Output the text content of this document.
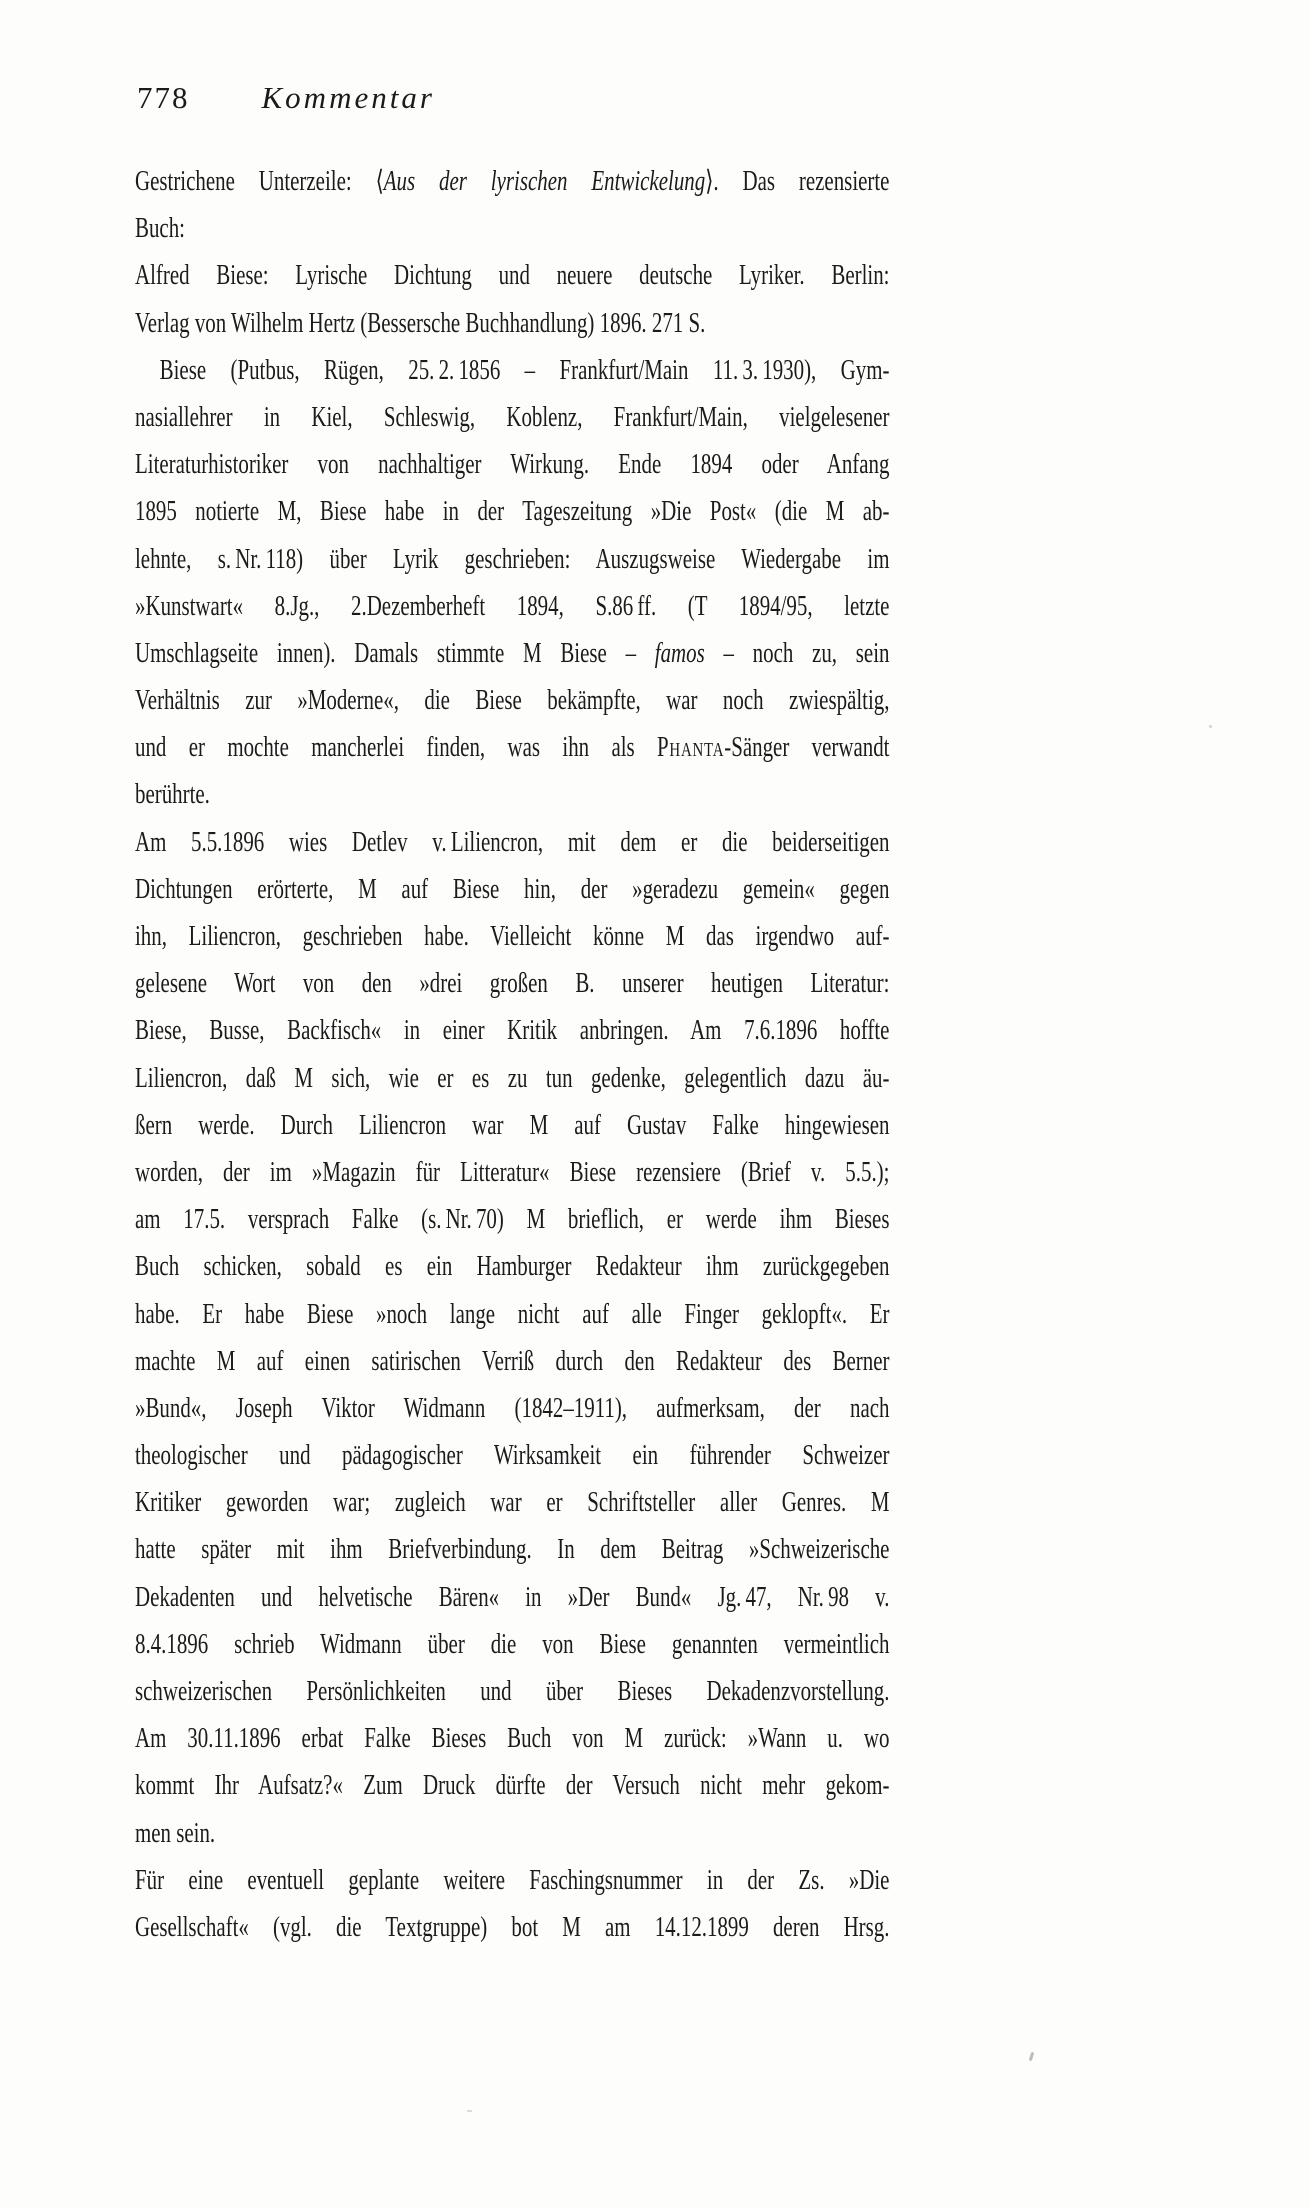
778 Kommentar
Gestrichene Unterzeile: ⟨Aus der lyrischen Entwickelung⟩. Das rezensierte
Buch:
Alfred Biese: Lyrische Dichtung und neuere deutsche Lyriker. Berlin:
Verlag von Wilhelm Hertz (Bessersche Buchhandlung) 1896. 271 S.
Biese (Putbus, Rügen, 25. 2. 1856 – Frankfurt/Main 11. 3. 1930), Gym-
nasiallehrer in Kiel, Schleswig, Koblenz, Frankfurt/Main, vielgelesener
Literaturhistoriker von nachhaltiger Wirkung. Ende 1894 oder Anfang
1895 notierte M, Biese habe in der Tageszeitung »Die Post« (die M ab-
lehnte, s. Nr. 118) über Lyrik geschrieben: Auszugsweise Wiedergabe im
»Kunstwart« 8.Jg., 2.Dezemberheft 1894, S.86 ff. (T 1894/95, letzte
Umschlagseite innen). Damals stimmte M Biese – famos – noch zu, sein
Verhältnis zur »Moderne«, die Biese bekämpfte, war noch zwiespältig,
und er mochte mancherlei finden, was ihn als Phanta-Sänger verwandt
berührte.
Am 5.5.1896 wies Detlev v. Liliencron, mit dem er die beiderseitigen
Dichtungen erörterte, M auf Biese hin, der »geradezu gemein« gegen
ihn, Liliencron, geschrieben habe. Vielleicht könne M das irgendwo auf-
gelesene Wort von den »drei großen B. unserer heutigen Literatur:
Biese, Busse, Backfisch« in einer Kritik anbringen. Am 7.6.1896 hoffte
Liliencron, daß M sich, wie er es zu tun gedenke, gelegentlich dazu äu-
ßern werde. Durch Liliencron war M auf Gustav Falke hingewiesen
worden, der im »Magazin für Litteratur« Biese rezensiere (Brief v. 5.5.);
am 17.5. versprach Falke (s. Nr. 70) M brieflich, er werde ihm Bieses
Buch schicken, sobald es ein Hamburger Redakteur ihm zurückgegeben
habe. Er habe Biese »noch lange nicht auf alle Finger geklopft«. Er
machte M auf einen satirischen Verriß durch den Redakteur des Berner
»Bund«, Joseph Viktor Widmann (1842–1911), aufmerksam, der nach
theologischer und pädagogischer Wirksamkeit ein führender Schweizer
Kritiker geworden war; zugleich war er Schriftsteller aller Genres. M
hatte später mit ihm Briefverbindung. In dem Beitrag »Schweizerische
Dekadenten und helvetische Bären« in »Der Bund« Jg. 47, Nr. 98 v.
8.4.1896 schrieb Widmann über die von Biese genannten vermeintlich
schweizerischen Persönlichkeiten und über Bieses Dekadenzvorstellung.
Am 30.11.1896 erbat Falke Bieses Buch von M zurück: »Wann u. wo
kommt Ihr Aufsatz?« Zum Druck dürfte der Versuch nicht mehr gekom-
men sein.
Für eine eventuell geplante weitere Faschingsnummer in der Zs. »Die
Gesellschaft« (vgl. die Textgruppe) bot M am 14.12.1899 deren Hrsg.
